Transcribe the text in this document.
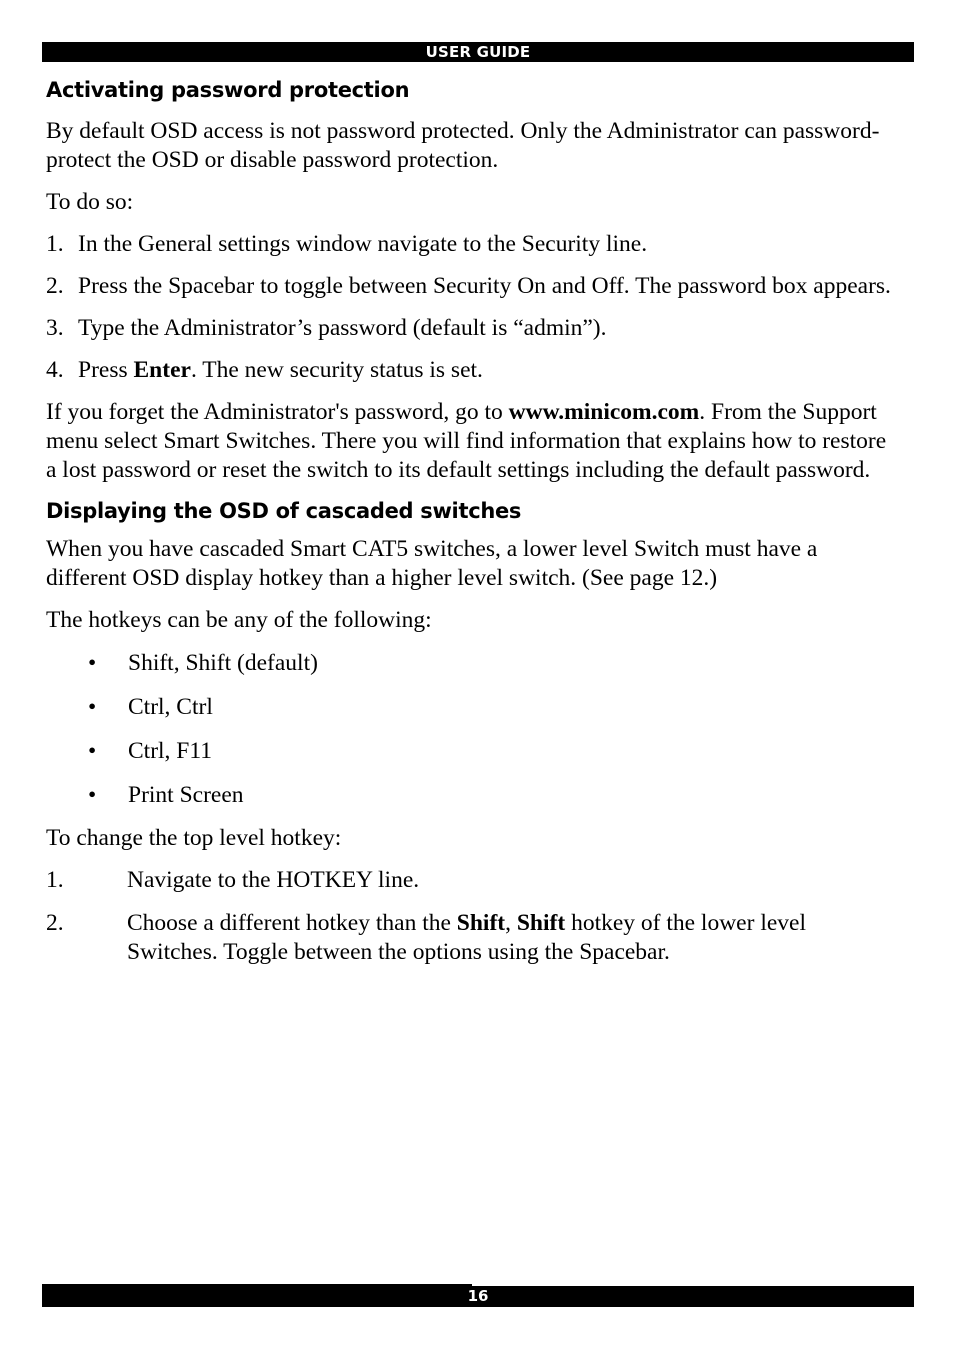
USER GUIDE
Activating password protection

By default OSD access is not password protected. Only the Administrator can password-protect the OSD or disable password protection.

To do so:

1. In the General settings window navigate to the Security line.
2. Press the Spacebar to toggle between Security On and Off. The password box appears.
3. Type the Administrator’s password (default is “admin”).
4. Press Enter. The new security status is set.

If you forget the Administrator's password, go to www.minicom.com. From the Support menu select Smart Switches. There you will find information that explains how to restore a lost password or reset the switch to its default settings including the default password.

Displaying the OSD of cascaded switches

When you have cascaded Smart CAT5 switches, a lower level Switch must have a different OSD display hotkey than a higher level switch. (See page 12.)

The hotkeys can be any of the following:

• Shift, Shift (default)
• Ctrl, Ctrl
• Ctrl, F11
• Print Screen

To change the top level hotkey:

1.	Navigate to the HOTKEY line.
2.	Choose a different hotkey than the Shift, Shift hotkey of the lower level Switches. Toggle between the options using the Spacebar.
16
